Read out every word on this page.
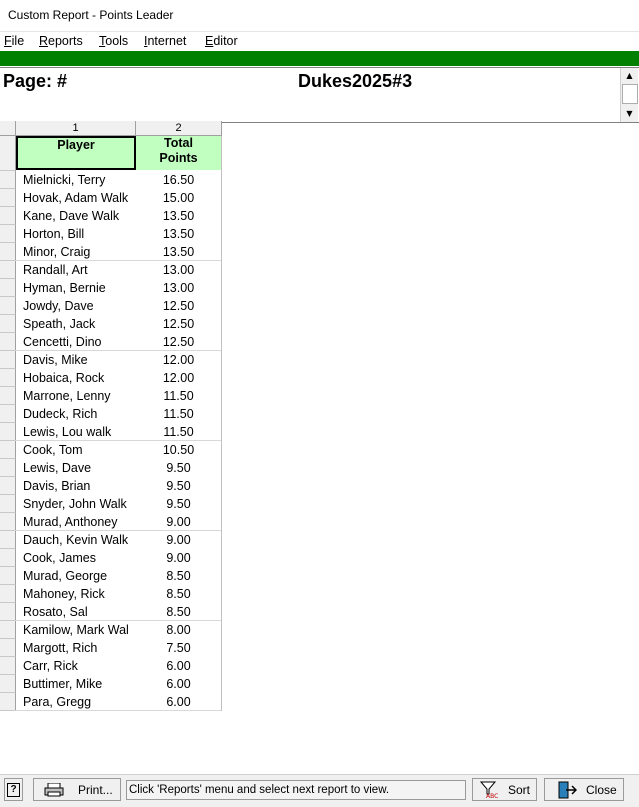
Custom Report - Points Leader
File Reports Tools Internet Editor
Page: #	Dukes2025#3	▲
▼
1	2
Player	Total
Points
Mielnicki, Terry	16.50
Hovak, Adam Walk	15.00
Kane, Dave Walk	13.50
Horton, Bill	13.50
Minor, Craig	13.50
Randall, Art	13.00
Hyman, Bernie	13.00
Jowdy, Dave	12.50
Speath, Jack	12.50
Cencetti, Dino	12.50
Davis, Mike	12.00
Hobaica, Rock	12.00
Marrone, Lenny	11.50
Dudeck, Rich	11.50
Lewis, Lou walk	11.50
Cook, Tom	10.50
Lewis, Dave	9.50
Davis, Brian	9.50
Snyder, John Walk	9.50
Murad, Anthoney	9.00
Dauch, Kevin Walk	9.00
Cook, James	9.00
Murad, George	8.50
Mahoney, Rick	8.50
Rosato, Sal	8.50
Kamilow, Mark Wal	8.00
Margott, Rich	7.50
Carr, Rick	6.00
Buttimer, Mike	6.00
Para, Gregg	6.00
?	Print... Click 'Reports' menu and select next report to view.	ABC Sort	Close
